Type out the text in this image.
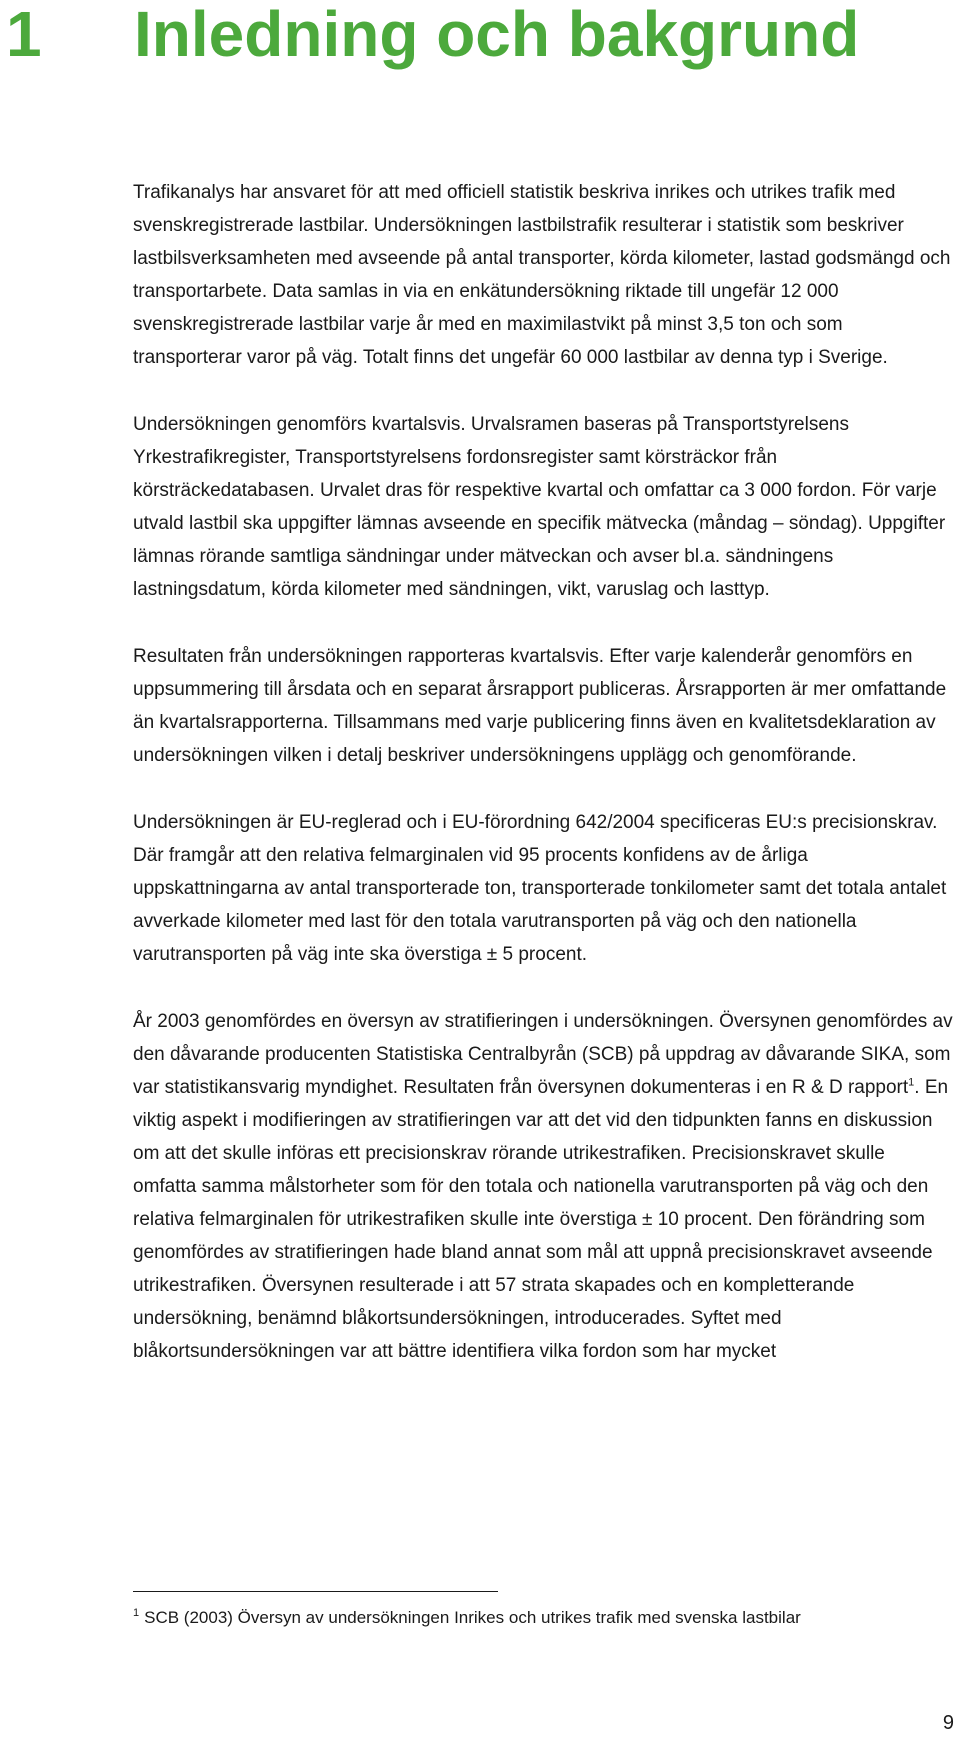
1 Inledning och bakgrund

Trafikanalys har ansvaret för att med officiell statistik beskriva inrikes och utrikes trafik med svenskregistrerade lastbilar. Undersökningen lastbilstrafik resulterar i statistik som beskriver lastbilsverksamheten med avseende på antal transporter, körda kilometer, lastad godsmängd och transportarbete. Data samlas in via en enkätundersökning riktade till ungefär 12 000 svenskregistrerade lastbilar varje år med en maximilastvikt på minst 3,5 ton och som transporterar varor på väg. Totalt finns det ungefär 60 000 lastbilar av denna typ i Sverige.

Undersökningen genomförs kvartalsvis. Urvalsramen baseras på Transportstyrelsens Yrkestrafikregister, Transportstyrelsens fordonsregister samt körsträckor från körsträckedatabasen. Urvalet dras för respektive kvartal och omfattar ca 3 000 fordon. För varje utvald lastbil ska uppgifter lämnas avseende en specifik mätvecka (måndag – söndag). Uppgifter lämnas rörande samtliga sändningar under mätveckan och avser bl.a. sändningens lastningsdatum, körda kilometer med sändningen, vikt, varuslag och lasttyp.

Resultaten från undersökningen rapporteras kvartalsvis. Efter varje kalenderår genomförs en uppsummering till årsdata och en separat årsrapport publiceras. Årsrapporten är mer omfattande än kvartalsrapporterna. Tillsammans med varje publicering finns även en kvalitetsdeklaration av undersökningen vilken i detalj beskriver undersökningens upplägg och genomförande.

Undersökningen är EU-reglerad och i EU-förordning 642/2004 specificeras EU:s precisionskrav. Där framgår att den relativa felmarginalen vid 95 procents konfidens av de årliga uppskattningarna av antal transporterade ton, transporterade tonkilometer samt det totala antalet avverkade kilometer med last för den totala varutransporten på väg och den nationella varutransporten på väg inte ska överstiga ± 5 procent.

År 2003 genomfördes en översyn av stratifieringen i undersökningen. Översynen genomfördes av den dåvarande producenten Statistiska Centralbyrån (SCB) på uppdrag av dåvarande SIKA, som var statistikansvarig myndighet. Resultaten från översynen dokumenteras i en R & D rapport$^1$. En viktig aspekt i modifieringen av stratifieringen var att det vid den tidpunkten fanns en diskussion om att det skulle införas ett precisionskrav rörande utrikestrafiken. Precisionskravet skulle omfatta samma målstorheter som för den totala och nationella varutransporten på väg och den relativa felmarginalen för utrikestrafiken skulle inte överstiga ± 10 procent. Den förändring som genomfördes av stratifieringen hade bland annat som mål att uppnå precisionskravet avseende utrikestrafiken. Översynen resulterade i att 57 strata skapades och en kompletterande undersökning, benämnd blåkortsundersökningen, introducerades. Syftet med blåkortsundersökningen var att bättre identifiera vilka fordon som har mycket

$^1$ SCB (2003) Översyn av undersökningen Inrikes och utrikes trafik med svenska lastbilar
9
